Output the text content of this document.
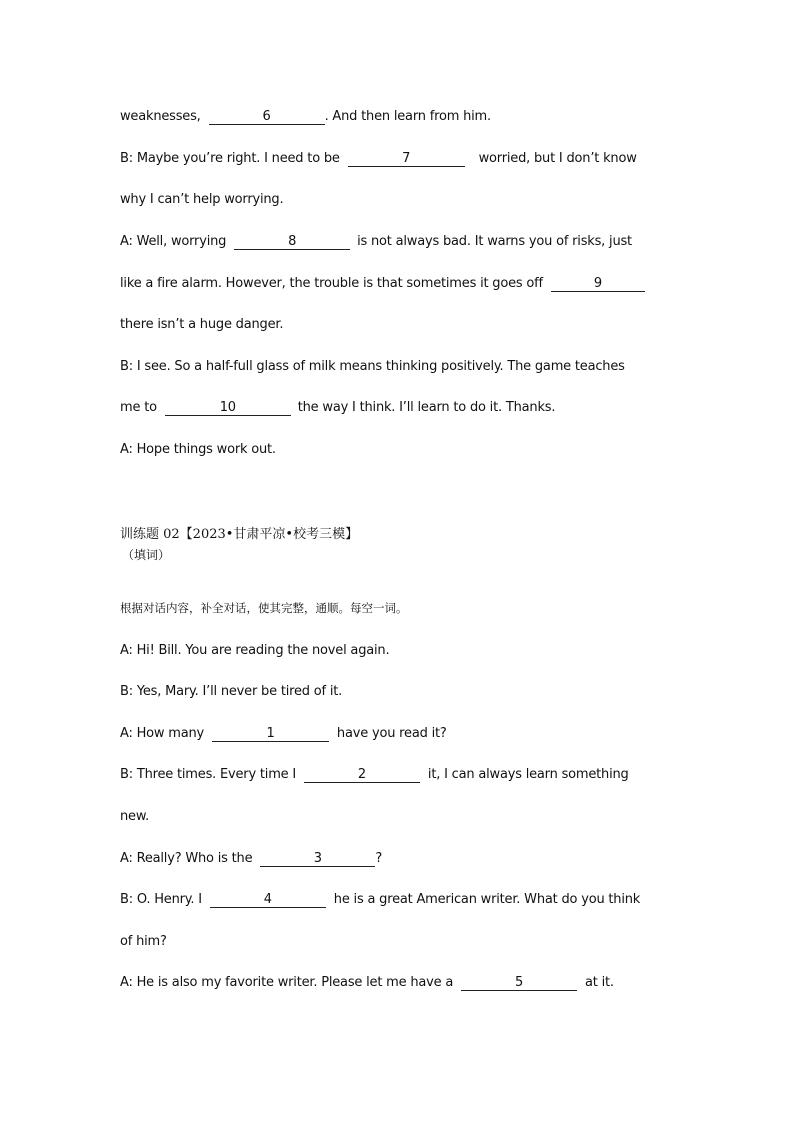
weaknesses,	6	. And then learn from him.
B: Maybe you’re right. I need to be	7	worried, but I don’t know
why I can’t help worrying.
A: Well, worrying	8	is not always bad. It warns you of risks, just
like a fire alarm. However, the trouble is that sometimes it goes off	9
there isn’t a huge danger.
B: I see. So a half-full glass of milk means thinking positively. The game teaches
me to	10	the way I think. I’ll learn to do it. Thanks.
A: Hope things work out.
训练题 02【2023•甘肃平凉•校考三模】
（填词）
根据对话内容，补全对话，使其完整，通顺。每空一词。
A: Hi! Bill. You are reading the novel again.
B: Yes, Mary. I’ll never be tired of it.
A: How many	1	have you read it?
B: Three times. Every time I	2	it, I can always learn something
new.
A: Really? Who is the	3	?
B: O. Henry. I	4	he is a great American writer. What do you think
of him?
A: He is also my favorite writer. Please let me have a	5	at it.
